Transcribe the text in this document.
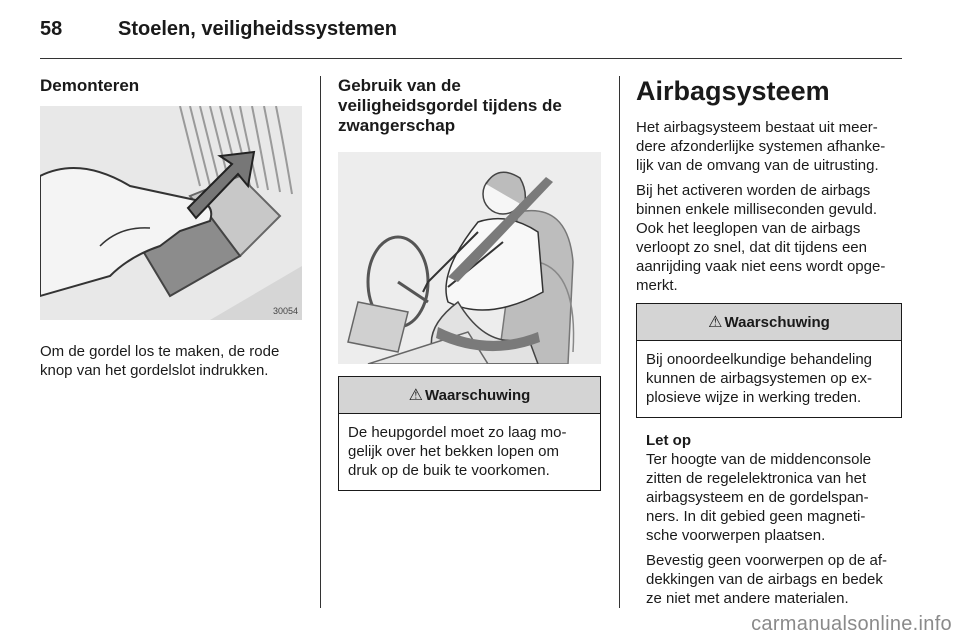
58	Stoelen, veiligheidssystemen
Demonteren
30054

Om de gordel los te maken, de rode

knop van het gordelslot indrukken.

Gebruik van de
veiligheidsgordel tijdens de
zwangerschap
⚠ Waarschuwing
De heupgordel moet zo laag mo-
gelijk over het bekken lopen om
druk op de buik te voorkomen.
Airbagsysteem

Het airbagsysteem bestaat uit meer-

dere afzonderlijke systemen afhanke-

lijk van de omvang van de uitrusting.

Bij het activeren worden de airbags

binnen enkele milliseconden gevuld.

Ook het leeglopen van de airbags

verloopt zo snel, dat dit tijdens een

aanrijding vaak niet eens wordt opge-

merkt.

⚠ Waarschuwing
Bij onoordeelkundige behandeling
kunnen de airbagsystemen op ex-
plosieve wijze in werking treden.
Let op

Ter hoogte van de middenconsole

zitten de regelelektronica van het

airbagsysteem en de gordelspan-

ners. In dit gebied geen magneti-

sche voorwerpen plaatsen.

Bevestig geen voorwerpen op de af-

dekkingen van de airbags en bedek

ze niet met andere materialen.

carmanualsonline.info
